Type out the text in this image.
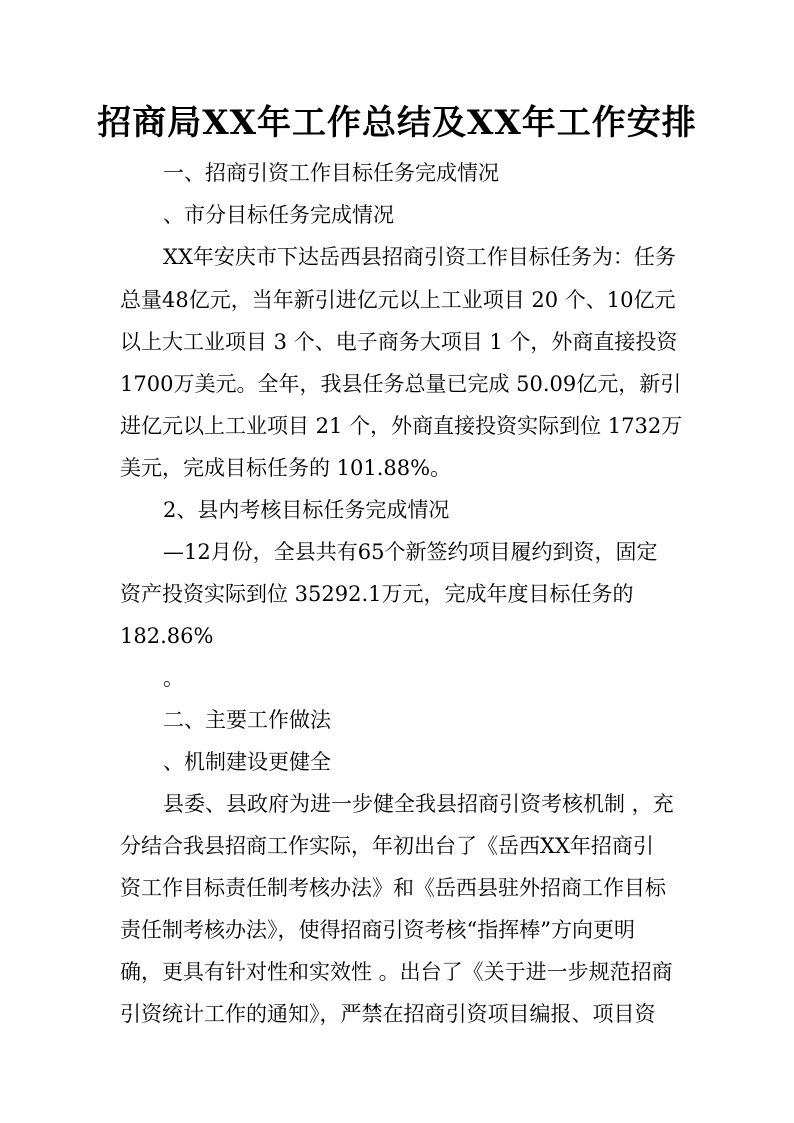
招商局XX年工作总结及XX年工作安排
一、招商引资工作目标任务完成情况
、市分目标任务完成情况
XX年安庆市下达岳西县招商引资工作目标任务为：任务
总量48亿元，当年新引进亿元以上工业项目 20 个、10亿元
以上大工业项目 3 个、电子商务大项目 1 个，外商直接投资
1700万美元。全年，我县任务总量已完成 50.09亿元，新引
进亿元以上工业项目 21 个，外商直接投资实际到位 1732万
美元，完成目标任务的 101.88%。
2、县内考核目标任务完成情况
—12月份，全县共有65个新签约项目履约到资，固定
资产投资实际到位 35292.1万元，完成年度目标任务的
182.86%
。
二、主要工作做法
、机制建设更健全
县委、县政府为进一步健全我县招商引资考核机制 ，充
分结合我县招商工作实际，年初出台了《岳西XX年招商引
资工作目标责任制考核办法》和《岳西县驻外招商工作目标
责任制考核办法》，使得招商引资考核“指挥棒”方向更明
确，更具有针对性和实效性 。出台了《关于进一步规范招商
引资统计工作的通知》，严禁在招商引资项目编报、项目资
